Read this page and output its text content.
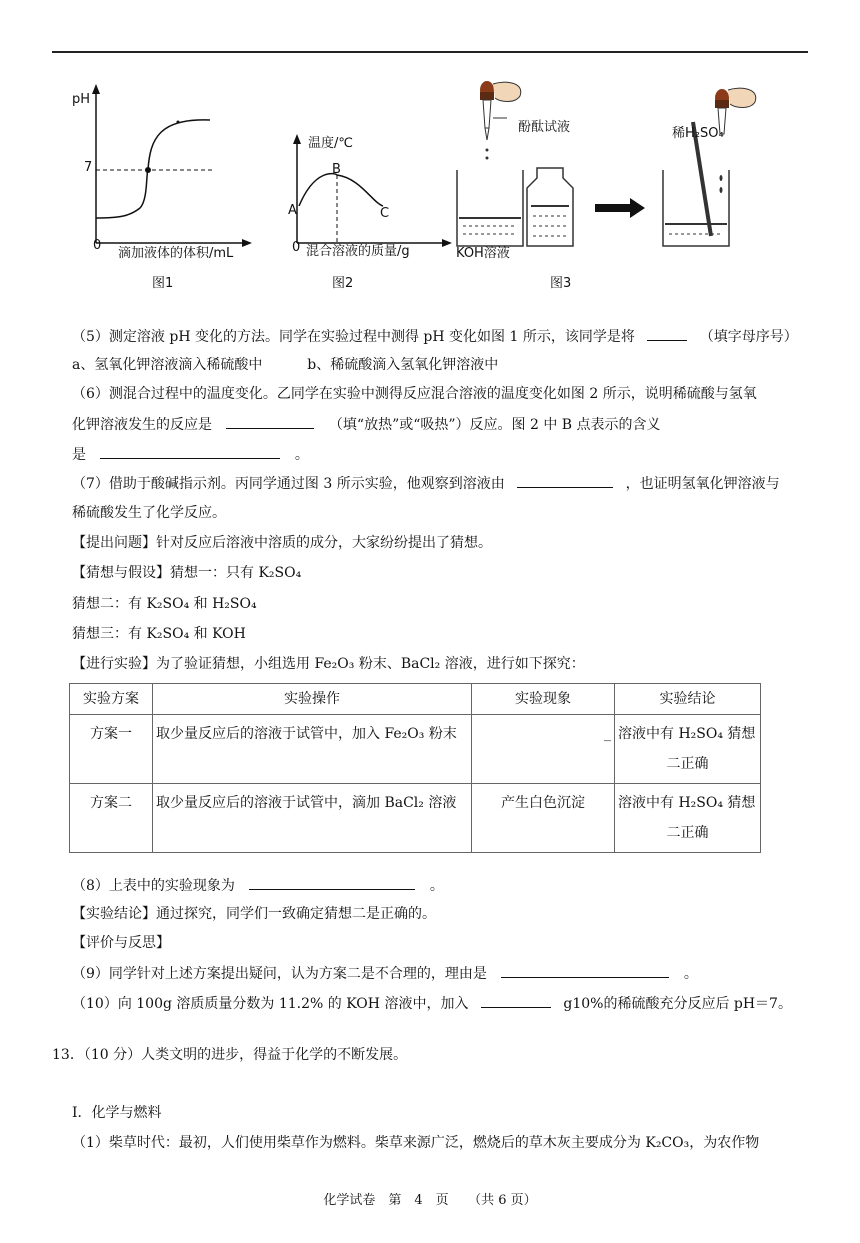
pH
7
0
滴加液体的体积/mL
图1
温度/℃
A
B
C
0 混合溶液的质量/g
图2
酚酞试液	稀H₂SO₄
KOH溶液
图3
（5）测定溶液 pH 变化的方法。同学在实验过程中测得 pH 变化如图 1 所示，该同学是将	（填字母序号）
a、氢氧化钾溶液滴入稀硫酸中	b、稀硫酸滴入氢氧化钾溶液中
（6）测混合过程中的温度变化。乙同学在实验中测得反应混合溶液的温度变化如图 2 所示，说明稀硫酸与氢氧
化钾溶液发生的反应是	（填“放热”或“吸热”）反应。图 2 中 B 点表示的含义
是	。
（7）借助于酸碱指示剂。丙同学通过图 3 所示实验，他观察到溶液由	，也证明氢氧化钾溶液与
稀硫酸发生了化学反应。
【提出问题】针对反应后溶液中溶质的成分，大家纷纷提出了猜想。
【猜想与假设】猜想一：只有 K₂SO₄
猜想二：有 K₂SO₄ 和 H₂SO₄
猜想三：有 K₂SO₄ 和 KOH
【进行实验】为了验证猜想，小组选用 Fe₂O₃ 粉末、BaCl₂ 溶液，进行如下探究：
实验方案	实验操作	实验现象	实验结论
方案一	取少量反应后的溶液于试管中，加入 Fe₂O₃ 粉末	_	溶液中有 H₂SO₄ 猜想
二正确

方案二	取少量反应后的溶液于试管中，滴加 BaCl₂ 溶液	产生白色沉淀	溶液中有 H₂SO₄ 猜想
二正确
（8）上表中的实验现象为	。
【实验结论】通过探究，同学们一致确定猜想二是正确的。
【评价与反思】
（9）同学针对上述方案提出疑问，认为方案二是不合理的，理由是	。
（10）向 100g 溶质质量分数为 11.2% 的 KOH 溶液中，加入	g10%的稀硫酸充分反应后 pH＝7。
13．（10 分）人类文明的进步，得益于化学的不断发展。
Ⅰ．化学与燃料
（1）柴草时代：最初，人们使用柴草作为燃料。柴草来源广泛，燃烧后的草木灰主要成分为 K₂CO₃，为农作物
化学试卷　第　4　页　　（共 6 页）
